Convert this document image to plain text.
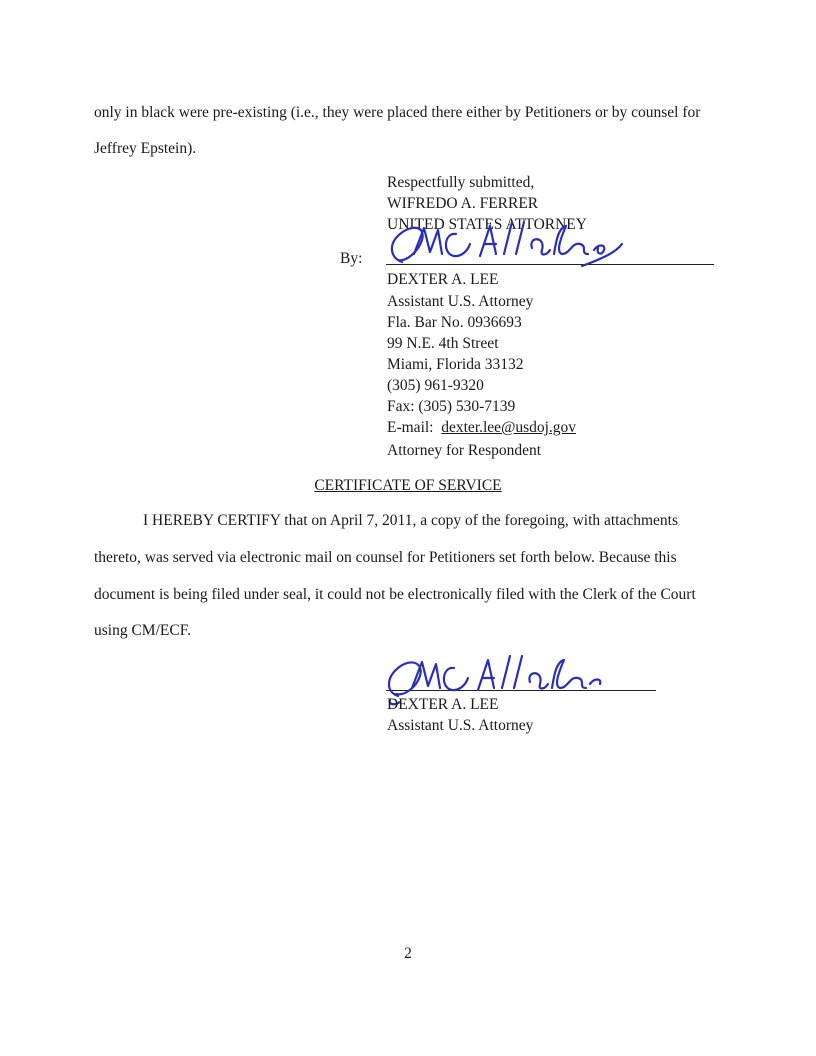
only in black were pre-existing (i.e., they were placed there either by Petitioners or by counsel for
Jeffrey Epstein).
Respectfully submitted,
WIFREDO A. FERRER
UNITED STATES ATTORNEY
By:
DEXTER A. LEE
Assistant U.S. Attorney
Fla. Bar No. 0936693
99 N.E. 4th Street
Miami, Florida 33132
(305) 961-9320
Fax: (305) 530-7139
E-mail: dexter.lee@usdoj.gov
Attorney for Respondent
CERTIFICATE OF SERVICE
I HEREBY CERTIFY that on April 7, 2011, a copy of the foregoing, with attachments
thereto, was served via electronic mail on counsel for Petitioners set forth below. Because this
document is being filed under seal, it could not be electronically filed with the Clerk of the Court
using CM/ECF.
DEXTER A. LEE
Assistant U.S. Attorney
2
